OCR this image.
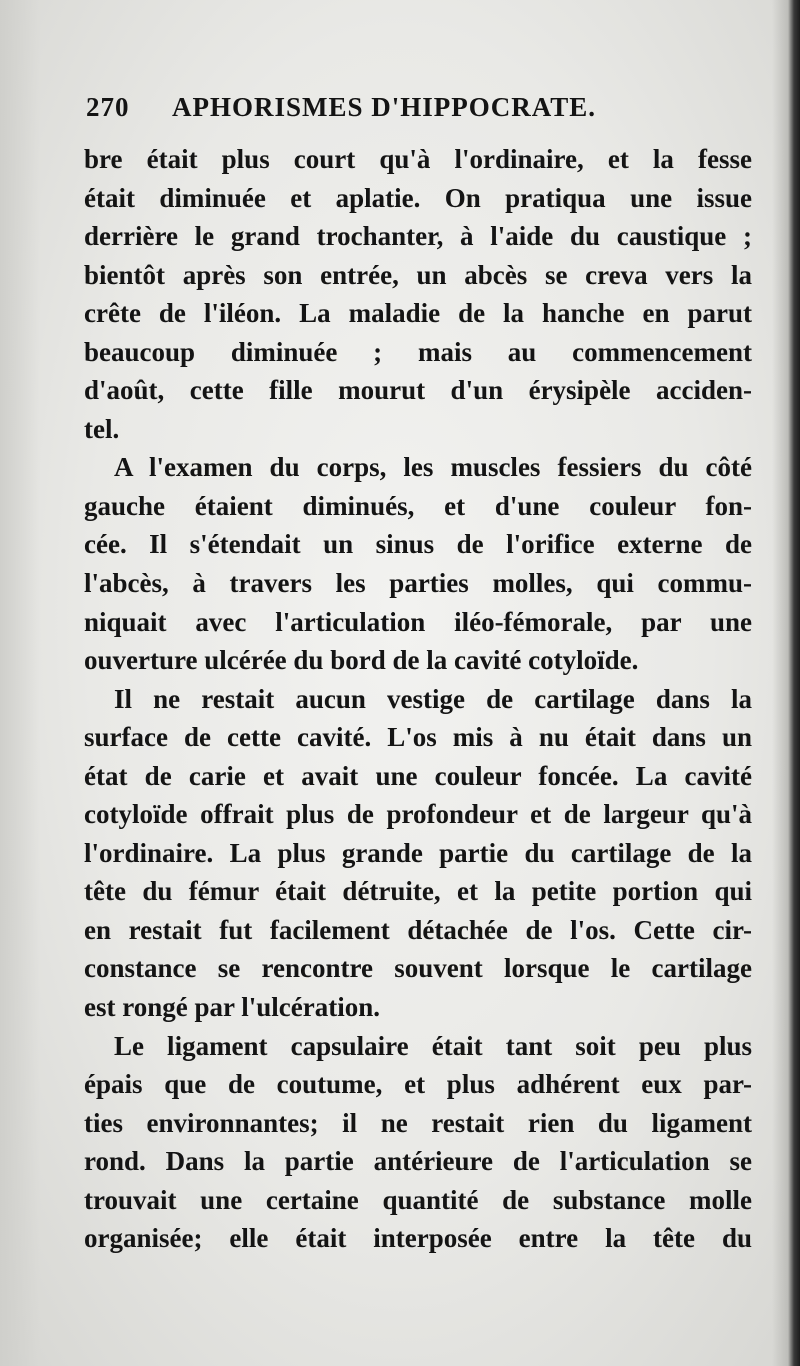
270 APHORISMES D'HIPPOCRATE.
bre était plus court qu'à l'ordinaire, et la fesse
était diminuée et aplatie. On pratiqua une issue
derrière le grand trochanter, à l'aide du caustique ;
bientôt après son entrée, un abcès se creva vers la
crête de l'iléon. La maladie de la hanche en parut
beaucoup diminuée ; mais au commencement
d'août, cette fille mourut d'un érysipèle acciden-
tel.
A l'examen du corps, les muscles fessiers du côté
gauche étaient diminués, et d'une couleur fon-
cée. Il s'étendait un sinus de l'orifice externe de
l'abcès, à travers les parties molles, qui commu-
niquait avec l'articulation iléo-fémorale, par une
ouverture ulcérée du bord de la cavité cotyloïde.
Il ne restait aucun vestige de cartilage dans la
surface de cette cavité. L'os mis à nu était dans un
état de carie et avait une couleur foncée. La cavité
cotyloïde offrait plus de profondeur et de largeur qu'à
l'ordinaire. La plus grande partie du cartilage de la
tête du fémur était détruite, et la petite portion qui
en restait fut facilement détachée de l'os. Cette cir-
constance se rencontre souvent lorsque le cartilage
est rongé par l'ulcération.
Le ligament capsulaire était tant soit peu plus
épais que de coutume, et plus adhérent eux par-
ties environnantes; il ne restait rien du ligament
rond. Dans la partie antérieure de l'articulation se
trouvait une certaine quantité de substance molle
organisée; elle était interposée entre la tête du
